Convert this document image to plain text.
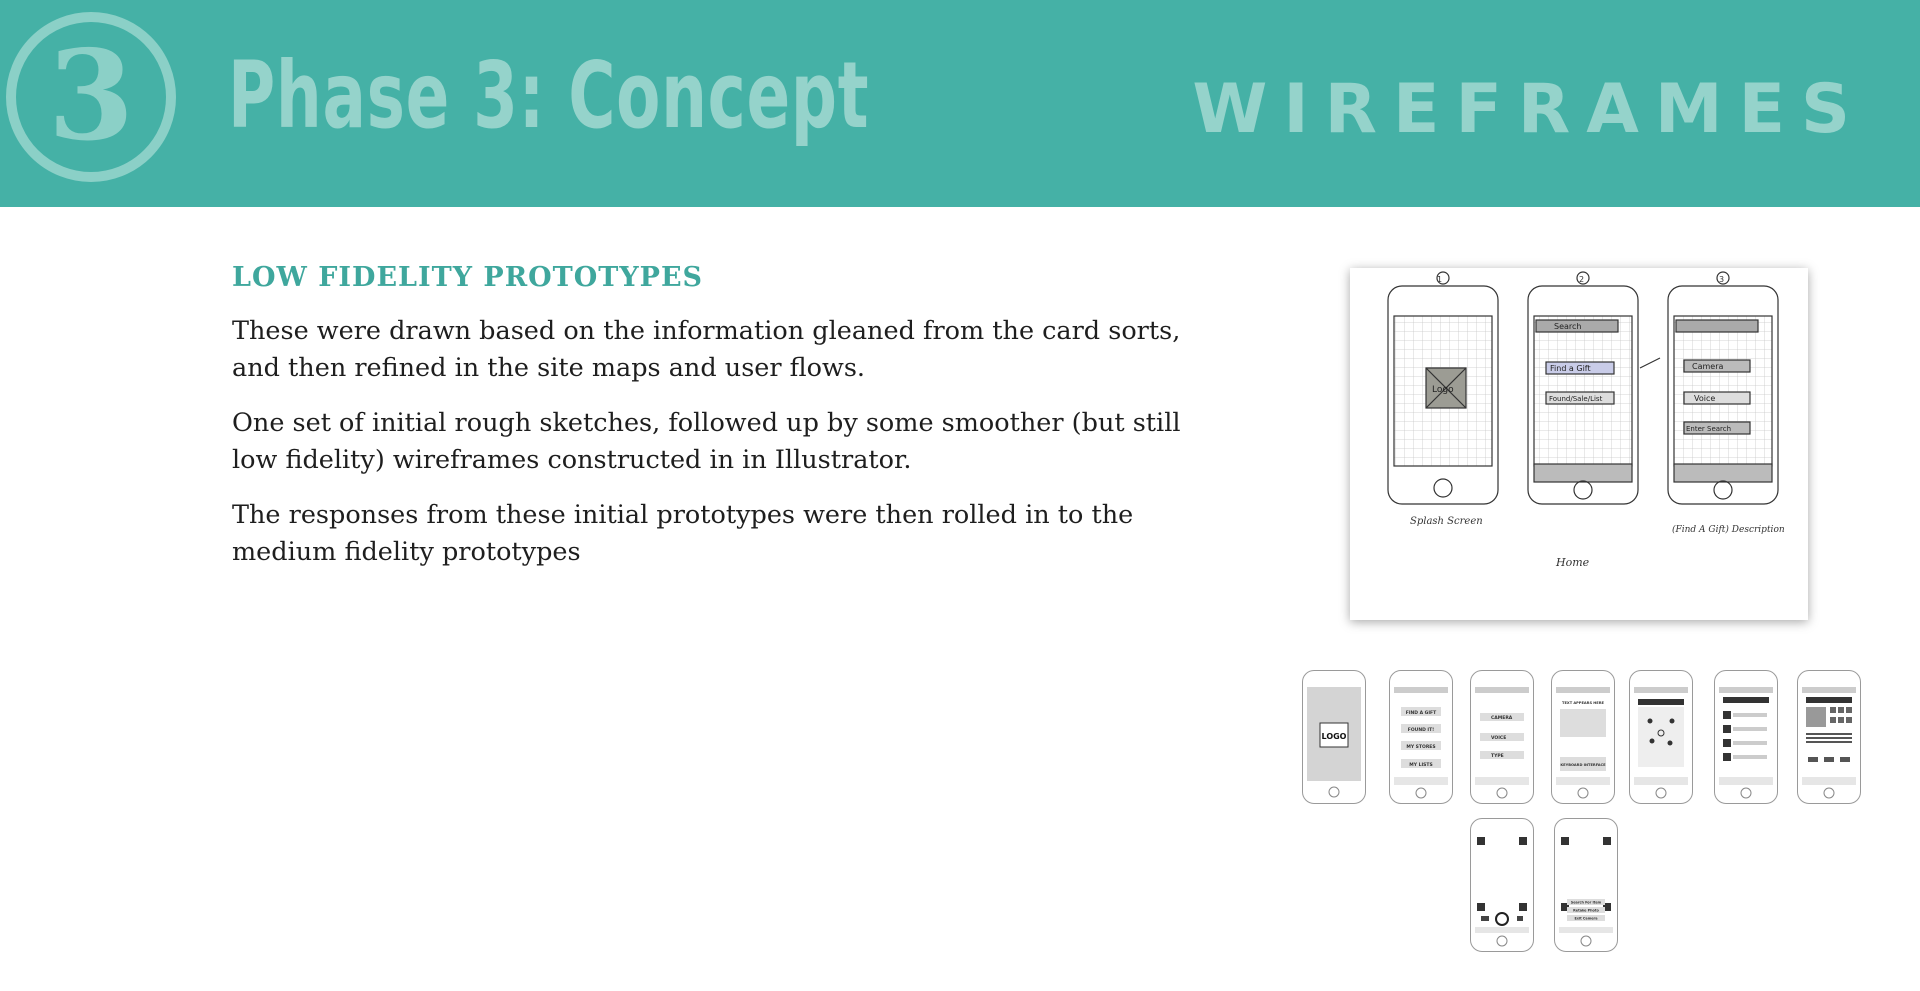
3	Phase 3: Concept	WIREFRAMES
LOW FIDELITY PROTOTYPES

These were drawn based on the information gleaned from the card sorts, and then refined in the site maps and user flows.

One set of initial rough sketches, followed up by some smoother (but still low fidelity) wireframes constructed in in Illustrator.

The responses from these initial prototypes were then rolled in to the medium fidelity prototypes

1
Logo
Splash Screen
2
Search
Find a Gift
Found/Sale/List
Home
3
Camera
Voice
Enter Search
(Find A Gift) Description
LOGO
FIND A GIFT
FOUND IT!
MY STORES
MY LISTS
CAMERA
VOICE
TYPE
TEXT APPEARS HERE
KEYBOARD INTERFACE
Search For Item
Retake Photo
Exit Camera
